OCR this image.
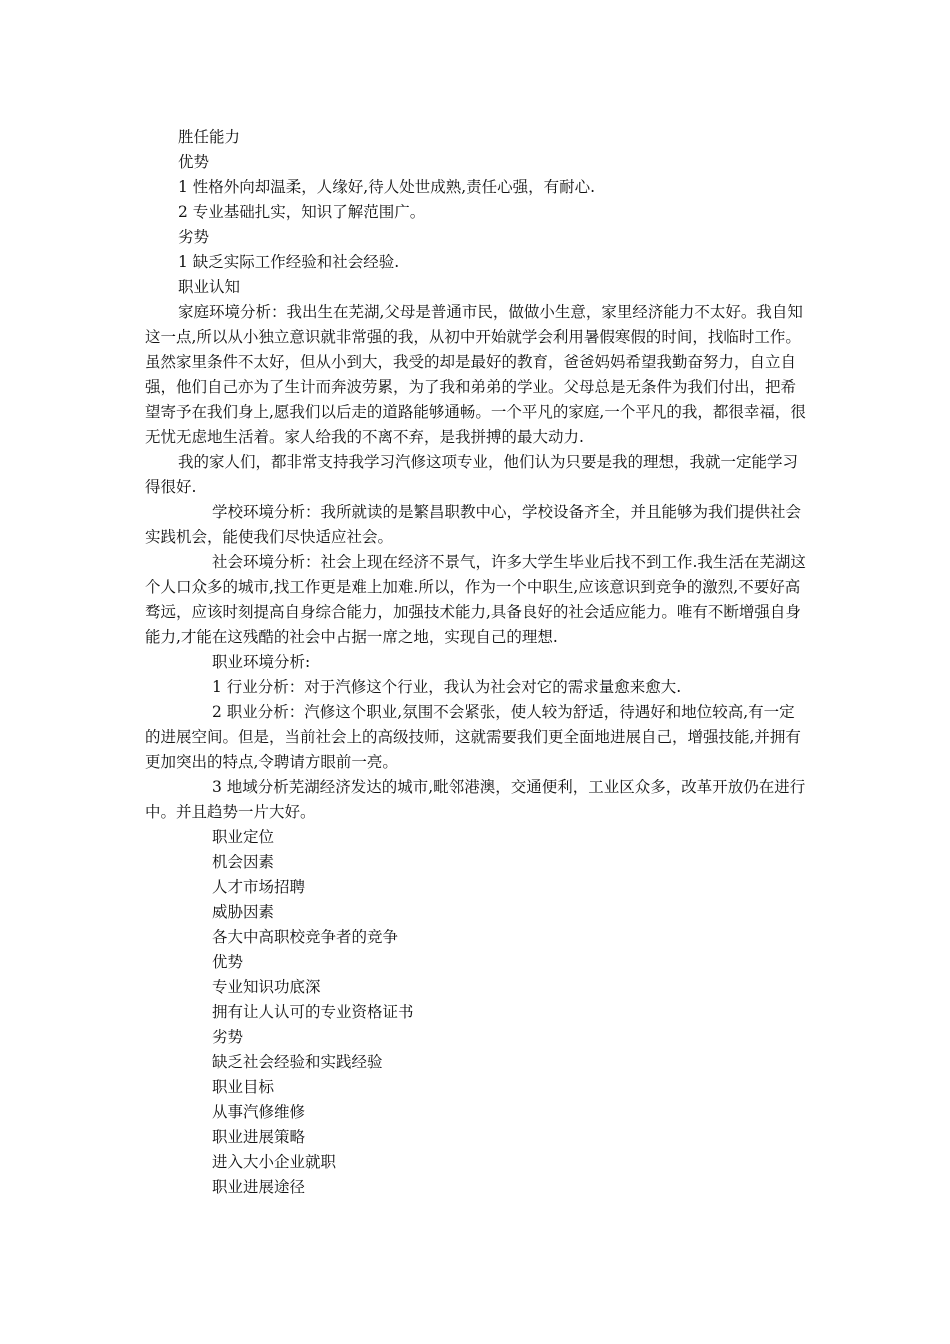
胜任能力

优势

1 性格外向却温柔，人缘好,待人处世成熟,责任心强，有耐心.

2 专业基础扎实，知识了解范围广。

劣势

1 缺乏实际工作经验和社会经验.

职业认知

家庭环境分析：我出生在芜湖,父母是普通市民，做做小生意，家里经济能力不太好。我自知这一点,所以从小独立意识就非常强的我，从初中开始就学会利用暑假寒假的时间，找临时工作。虽然家里条件不太好，但从小到大，我受的却是最好的教育，爸爸妈妈希望我勤奋努力，自立自强，他们自己亦为了生计而奔波劳累，为了我和弟弟的学业。父母总是无条件为我们付出，把希望寄予在我们身上,愿我们以后走的道路能够通畅。一个平凡的家庭,一个平凡的我，都很幸福，很无忧无虑地生活着。家人给我的不离不弃，是我拼搏的最大动力.

我的家人们，都非常支持我学习汽修这项专业，他们认为只要是我的理想，我就一定能学习得很好.

学校环境分析：我所就读的是繁昌职教中心，学校设备齐全，并且能够为我们提供社会实践机会，能使我们尽快适应社会。

社会环境分析：社会上现在经济不景气，许多大学生毕业后找不到工作.我生活在芜湖这个人口众多的城市,找工作更是难上加难.所以，作为一个中职生,应该意识到竞争的激烈,不要好高骛远，应该时刻提高自身综合能力，加强技术能力,具备良好的社会适应能力。唯有不断增强自身能力,才能在这残酷的社会中占据一席之地，实现自己的理想.

职业环境分析:

1 行业分析：对于汽修这个行业，我认为社会对它的需求量愈来愈大.

2 职业分析：汽修这个职业,氛围不会紧张，使人较为舒适，待遇好和地位较高,有一定的进展空间。但是，当前社会上的高级技师，这就需要我们更全面地进展自己，增强技能,并拥有更加突出的特点,令聘请方眼前一亮。

3 地域分析芜湖经济发达的城市,毗邻港澳，交通便利，工业区众多，改革开放仍在进行中。并且趋势一片大好。

职业定位

机会因素

人才市场招聘

威胁因素

各大中高职校竞争者的竞争

优势

专业知识功底深

拥有让人认可的专业资格证书

劣势

缺乏社会经验和实践经验

职业目标

从事汽修维修

职业进展策略

进入大小企业就职

职业进展途径
